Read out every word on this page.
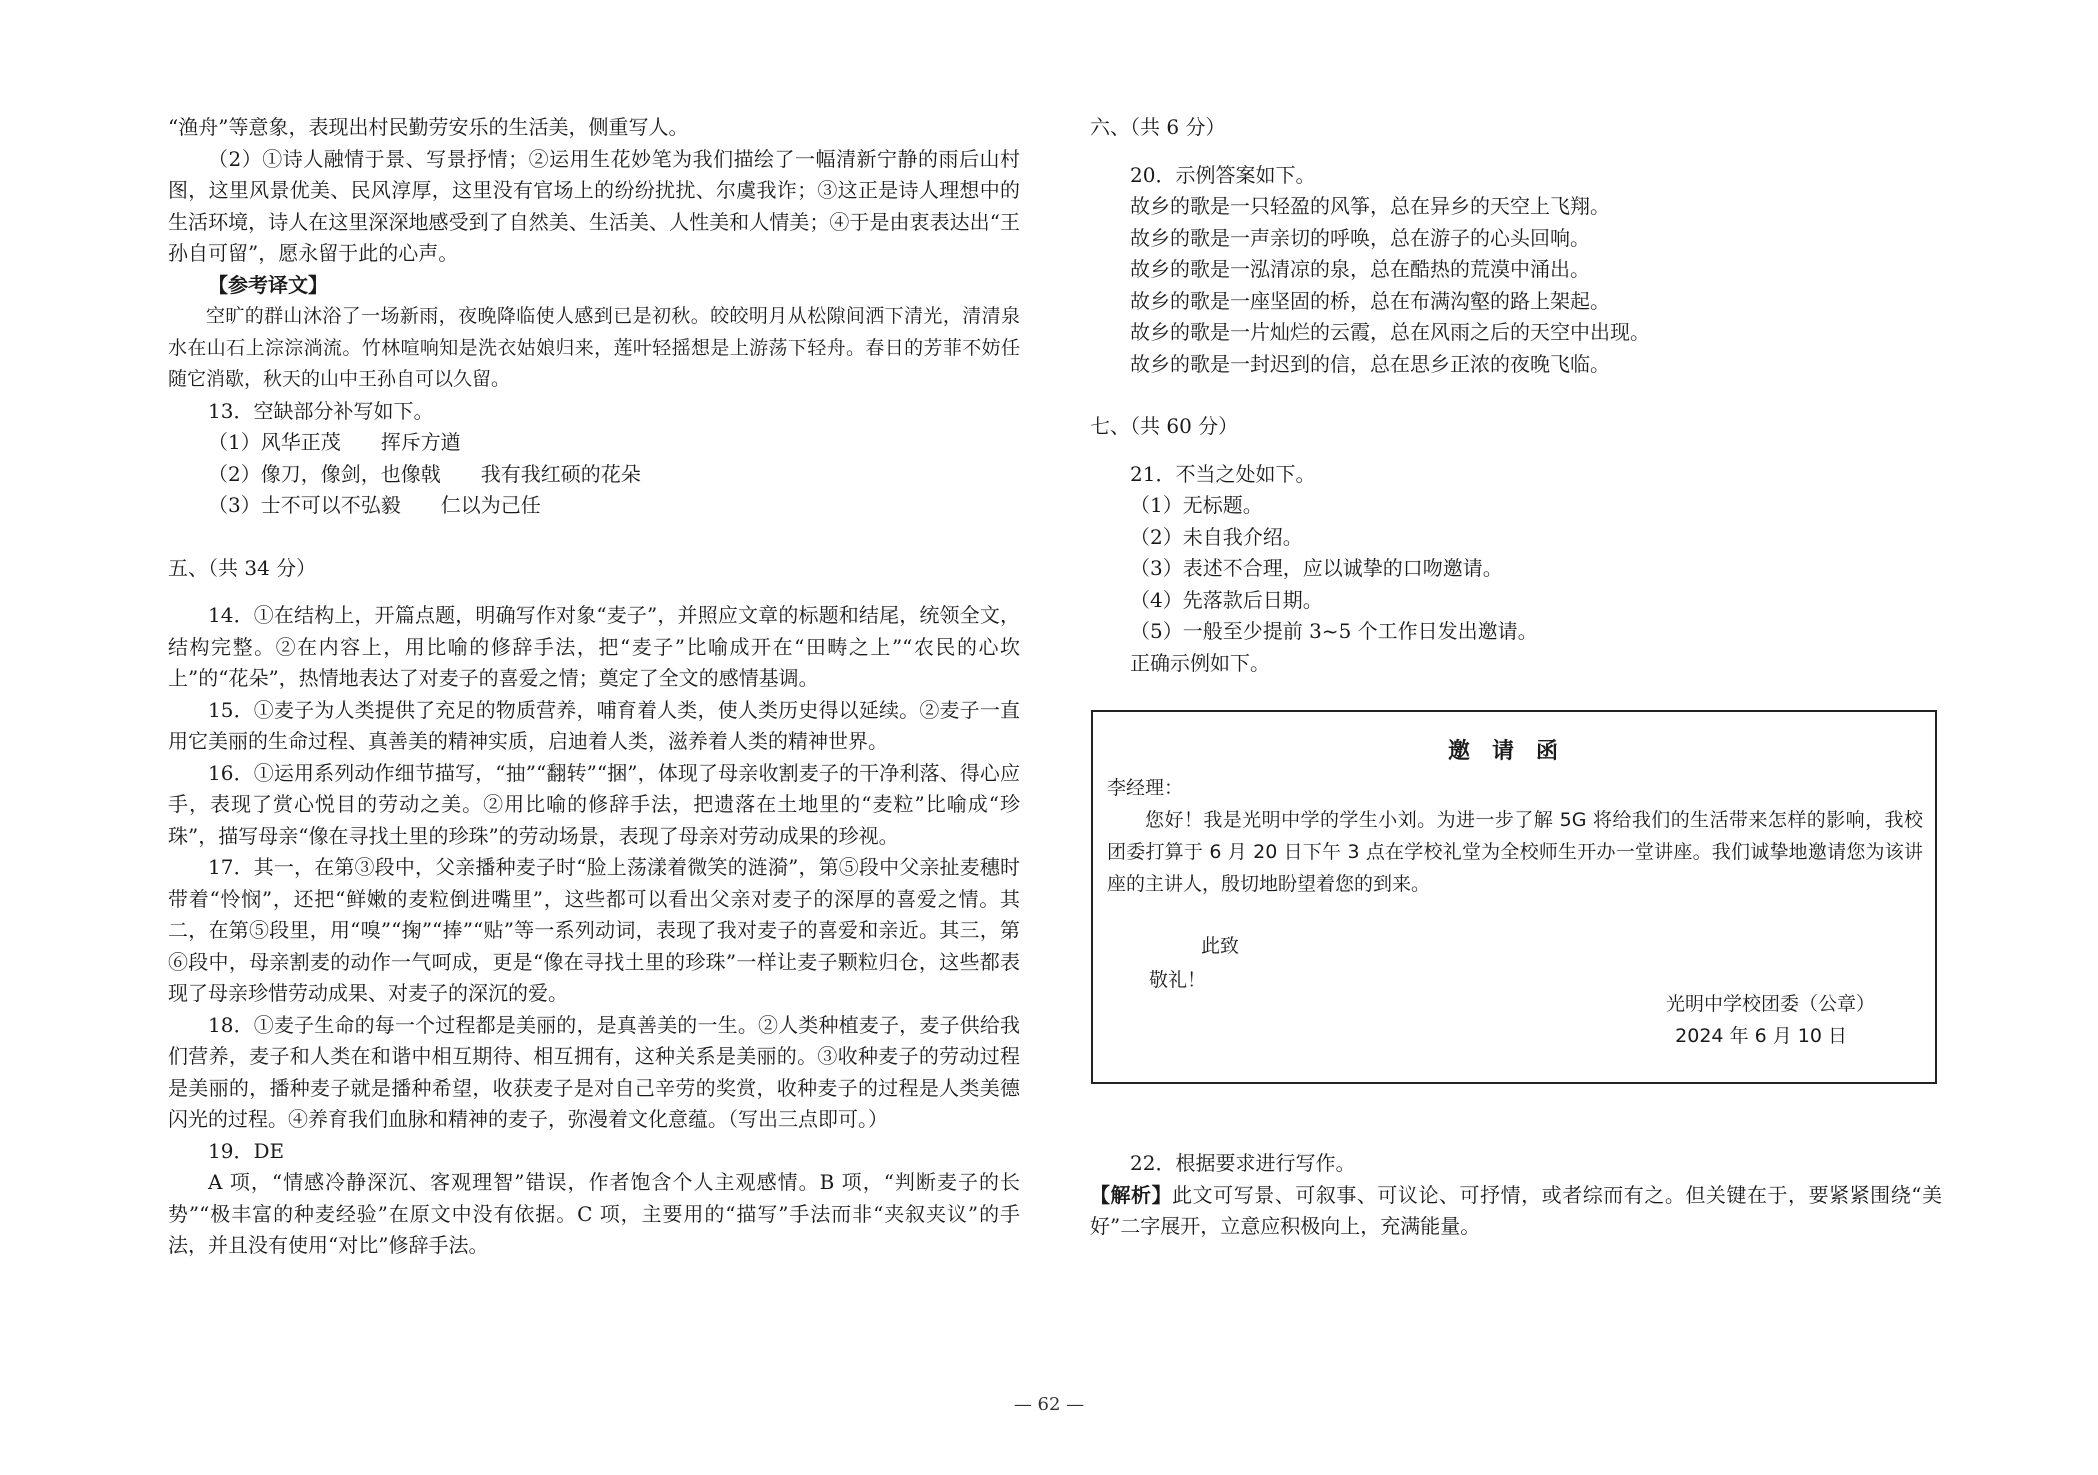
“渔舟”等意象，表现出村民勤劳安乐的生活美，侧重写人。

（2）①诗人融情于景、写景抒情；②运用生花妙笔为我们描绘了一幅清新宁静的雨后山村图，这里风景优美、民风淳厚，这里没有官场上的纷纷扰扰、尔虞我诈；③这正是诗人理想中的生活环境，诗人在这里深深地感受到了自然美、生活美、人性美和人情美；④于是由衷表达出“王孙自可留”，愿永留于此的心声。

【参考译文】

空旷的群山沐浴了一场新雨，夜晚降临使人感到已是初秋。皎皎明月从松隙间洒下清光，清清泉水在山石上淙淙淌流。竹林喧响知是洗衣姑娘归来，莲叶轻摇想是上游荡下轻舟。春日的芳菲不妨任随它消歇，秋天的山中王孙自可以久留。

13．空缺部分补写如下。

（1）风华正茂　　挥斥方遒

（2）像刀，像剑，也像戟　　我有我红硕的花朵

（3）士不可以不弘毅　　仁以为己任

五、（共 34 分）

14．①在结构上，开篇点题，明确写作对象“麦子”，并照应文章的标题和结尾，统领全文，结构完整。②在内容上，用比喻的修辞手法，把“麦子”比喻成开在“田畴之上”“农民的心坎上”的“花朵”，热情地表达了对麦子的喜爱之情；奠定了全文的感情基调。

15．①麦子为人类提供了充足的物质营养，哺育着人类，使人类历史得以延续。②麦子一直用它美丽的生命过程、真善美的精神实质，启迪着人类，滋养着人类的精神世界。

16．①运用系列动作细节描写，“抽”“翻转”“捆”，体现了母亲收割麦子的干净利落、得心应手，表现了赏心悦目的劳动之美。②用比喻的修辞手法，把遗落在土地里的“麦粒”比喻成“珍珠”，描写母亲“像在寻找土里的珍珠”的劳动场景，表现了母亲对劳动成果的珍视。

17．其一，在第③段中，父亲播种麦子时“脸上荡漾着微笑的涟漪”，第⑤段中父亲扯麦穗时带着“怜悯”，还把“鲜嫩的麦粒倒进嘴里”，这些都可以看出父亲对麦子的深厚的喜爱之情。其二，在第⑤段里，用“嗅”“掬”“捧”“贴”等一系列动词，表现了我对麦子的喜爱和亲近。其三，第⑥段中，母亲割麦的动作一气呵成，更是“像在寻找土里的珍珠”一样让麦子颗粒归仓，这些都表现了母亲珍惜劳动成果、对麦子的深沉的爱。

18．①麦子生命的每一个过程都是美丽的，是真善美的一生。②人类种植麦子，麦子供给我们营养，麦子和人类在和谐中相互期待、相互拥有，这种关系是美丽的。③收种麦子的劳动过程是美丽的，播种麦子就是播种希望，收获麦子是对自己辛劳的奖赏，收种麦子的过程是人类美德闪光的过程。④养育我们血脉和精神的麦子，弥漫着文化意蕴。（写出三点即可。）

19．DE

A 项，“情感冷静深沉、客观理智”错误，作者饱含个人主观感情。B 项，“判断麦子的长势”“极丰富的种麦经验”在原文中没有依据。C 项，主要用的“描写”手法而非“夹叙夹议”的手法，并且没有使用“对比”修辞手法。

六、（共 6 分）

20．示例答案如下。

故乡的歌是一只轻盈的风筝，总在异乡的天空上飞翔。

故乡的歌是一声亲切的呼唤，总在游子的心头回响。

故乡的歌是一泓清凉的泉，总在酷热的荒漠中涌出。

故乡的歌是一座坚固的桥，总在布满沟壑的路上架起。

故乡的歌是一片灿烂的云霞，总在风雨之后的天空中出现。

故乡的歌是一封迟到的信，总在思乡正浓的夜晚飞临。

七、（共 60 分）

21．不当之处如下。

（1）无标题。

（2）未自我介绍。

（3）表述不合理，应以诚挚的口吻邀请。

（4）先落款后日期。

（5）一般至少提前 3~5 个工作日发出邀请。

正确示例如下。

邀请函
李经理：
您好！我是光明中学的学生小刘。为进一步了解 5G 将给我们的生活带来怎样的影响，我校团委打算于 6 月 20 日下午 3 点在学校礼堂为全校师生开办一堂讲座。我们诚挚地邀请您为该讲座的主讲人，殷切地盼望着您的到来。
此致
敬礼！
光明中学校团委（公章）
2024 年 6 月 10 日

22．根据要求进行写作。

【解析】此文可写景、可叙事、可议论、可抒情，或者综而有之。但关键在于，要紧紧围绕“美好”二字展开，立意应积极向上，充满能量。

— 62 —
